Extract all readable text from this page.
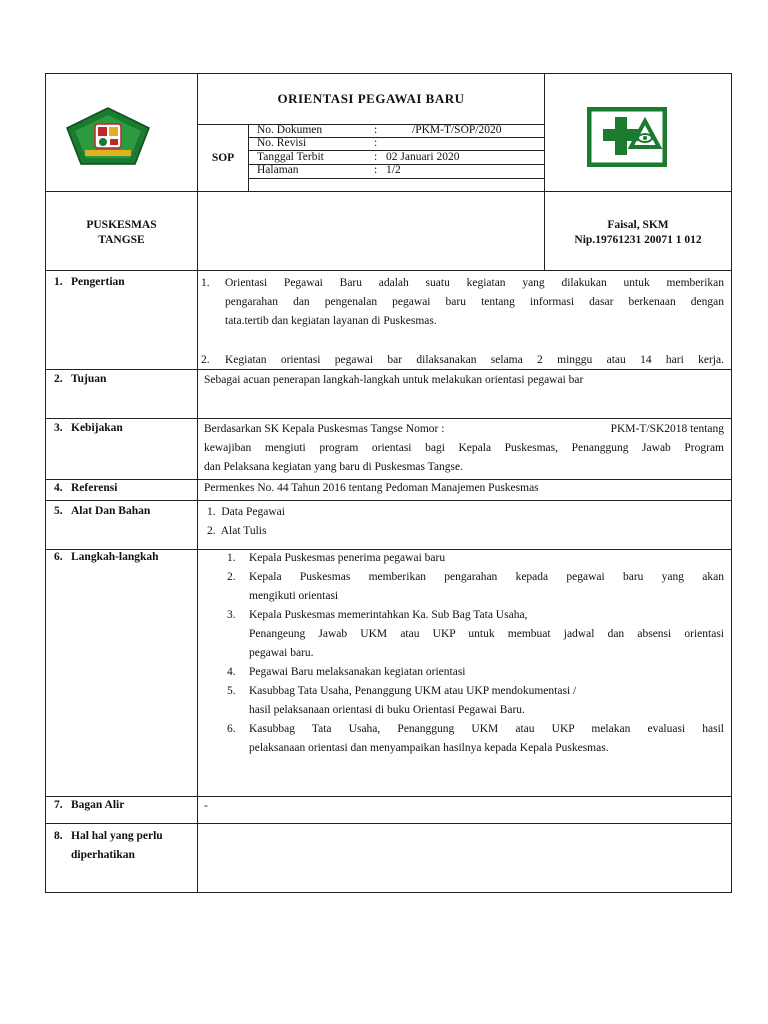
ORIENTASI PEGAWAI BARU
SOP
No. Dokumen	:	/PKM-T/SOP/2020
No. Revisi	:
Tanggal Terbit	: 02 Januari 2020
Halaman	: 1/2
PUSKESMAS
TANGSE
Faisal, SKM
Nip.19761231 20071 1 012
1. Pengertian	1. Orientasi Pegawai Baru adalah suatu kegiatan yang dilakukan untuk memberikan
pengarahan dan pengenalan pegawai baru tentang informasi dasar berkenaan dengan
tata.tertib dan kegiatan layanan di Puskesmas.
2. Kegiatan orientasi pegawai bar dilaksanakan selama 2 minggu atau 14 hari kerja.
2. Tujuan	Sebagai acuan penerapan langkah-langkah untuk melakukan orientasi pegawai bar
3. Kebijakan	Berdasarkan SK Kepala Puskesmas Tangse Nomor :	PKM-T/SK2018 tentang
kewajiban mengiuti program orientasi bagi Kepala Puskesmas, Penanggung Jawab Program
dan Pelaksana kegiatan yang baru di Puskesmas Tangse.
4. Referensi	Permenkes No. 44 Tahun 2016 tentang Pedoman Manajemen Puskesmas
5. Alat Dan Bahan	1. Data Pegawai
2. Alat Tulis
6. Langkah-langkah	1. Kepala Puskesmas penerima pegawai baru
2. Kepala Puskesmas memberikan pengarahan kepada pegawai baru yang akan
mengikuti orientasi
3. Kepala Puskesmas memerintahkan Ka. Sub Bag Tata Usaha,
Penangeung Jawab UKM atau UKP untuk membuat jadwal dan absensi orientasi
pegawai baru.
4. Pegawai Baru melaksanakan kegiatan orientasi
5. Kasubbag Tata Usaha, Penanggung UKM atau UKP mendokumentasi /
hasil pelaksanaan orientasi di buku Orientasi Pegawai Baru.
6. Kasubbag Tata Usaha, Penanggung UKM atau UKP melakan evaluasi hasil
pelaksanaan orientasi dan menyampaikan hasilnya kepada Kepala Puskesmas.
7. Bagan Alir	-
8. Hal hal yang perlu
diperhatikan
